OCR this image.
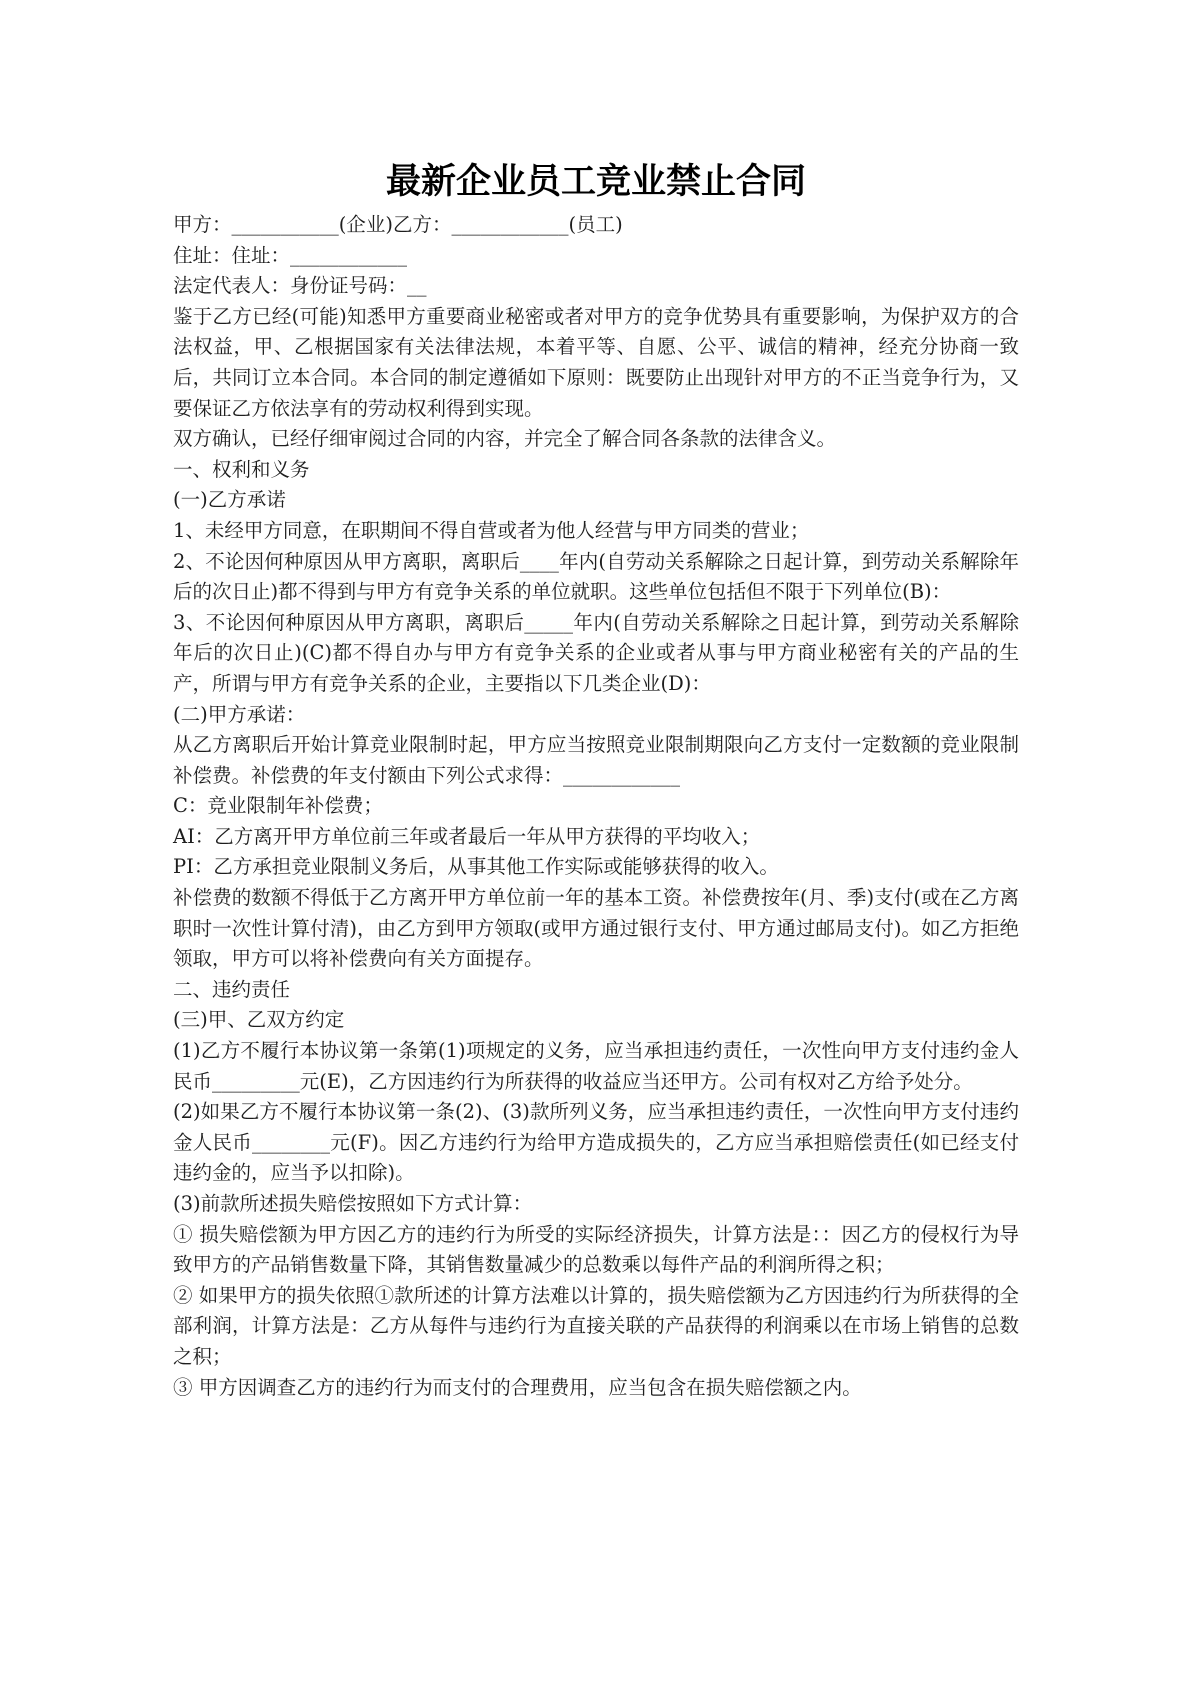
最新企业员工竞业禁止合同

甲方：___________(企业)乙方：____________(员工)

住址：住址：____________

法定代表人：身份证号码：__

鉴于乙方已经(可能)知悉甲方重要商业秘密或者对甲方的竞争优势具有重要影响，为保护双方的合法权益，甲、乙根据国家有关法律法规，本着平等、自愿、公平、诚信的精神，经充分协商一致后，共同订立本合同。本合同的制定遵循如下原则：既要防止出现针对甲方的不正当竞争行为，又要保证乙方依法享有的劳动权利得到实现。

双方确认，已经仔细审阅过合同的内容，并完全了解合同各条款的法律含义。

一、权利和义务

(一)乙方承诺

1、未经甲方同意，在职期间不得自营或者为他人经营与甲方同类的营业；

2、不论因何种原因从甲方离职，离职后____年内(自劳动关系解除之日起计算，到劳动关系解除年后的次日止)都不得到与甲方有竞争关系的单位就职。这些单位包括但不限于下列单位(B)：

3、不论因何种原因从甲方离职，离职后_____年内(自劳动关系解除之日起计算，到劳动关系解除年后的次日止)(C)都不得自办与甲方有竞争关系的企业或者从事与甲方商业秘密有关的产品的生产，所谓与甲方有竞争关系的企业，主要指以下几类企业(D)：

(二)甲方承诺：

从乙方离职后开始计算竞业限制时起，甲方应当按照竞业限制期限向乙方支付一定数额的竞业限制补偿费。补偿费的年支付额由下列公式求得：____________

C：竞业限制年补偿费；

AI：乙方离开甲方单位前三年或者最后一年从甲方获得的平均收入；

PI：乙方承担竞业限制义务后，从事其他工作实际或能够获得的收入。

补偿费的数额不得低于乙方离开甲方单位前一年的基本工资。补偿费按年(月、季)支付(或在乙方离职时一次性计算付清)，由乙方到甲方领取(或甲方通过银行支付、甲方通过邮局支付)。如乙方拒绝领取，甲方可以将补偿费向有关方面提存。

二、违约责任

(三)甲、乙双方约定

(1)乙方不履行本协议第一条第(1)项规定的义务，应当承担违约责任，一次性向甲方支付违约金人民币_________元(E)，乙方因违约行为所获得的收益应当还甲方。公司有权对乙方给予处分。

(2)如果乙方不履行本协议第一条(2)、(3)款所列义务，应当承担违约责任，一次性向甲方支付违约金人民币________元(F)。因乙方违约行为给甲方造成损失的，乙方应当承担赔偿责任(如已经支付违约金的，应当予以扣除)。

(3)前款所述损失赔偿按照如下方式计算：

① 损失赔偿额为甲方因乙方的违约行为所受的实际经济损失，计算方法是：：因乙方的侵权行为导致甲方的产品销售数量下降，其销售数量减少的总数乘以每件产品的利润所得之积；

② 如果甲方的损失依照①款所述的计算方法难以计算的，损失赔偿额为乙方因违约行为所获得的全部利润，计算方法是：乙方从每件与违约行为直接关联的产品获得的利润乘以在市场上销售的总数之积；

③ 甲方因调查乙方的违约行为而支付的合理费用，应当包含在损失赔偿额之内。
